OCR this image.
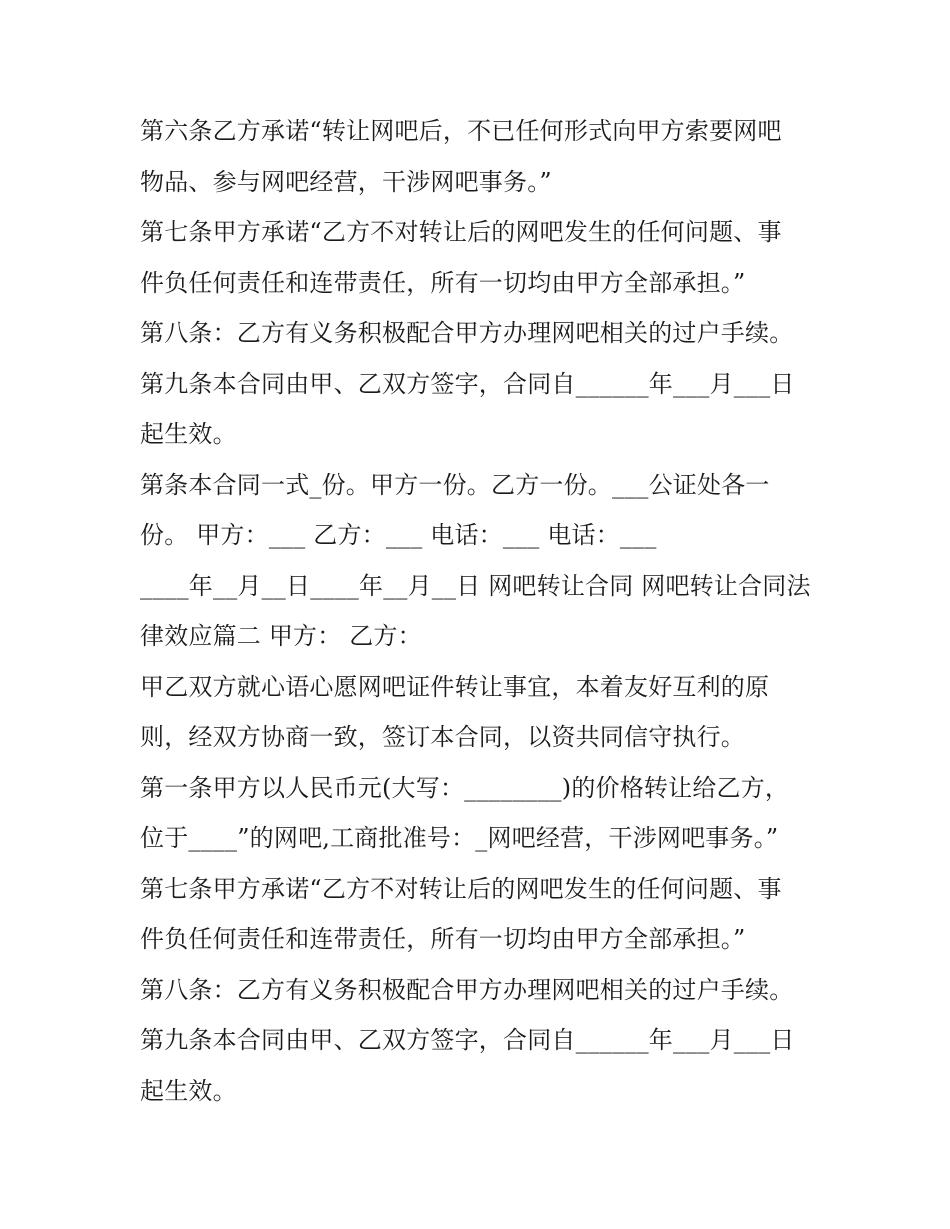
第六条乙方承诺“转让网吧后，不已任何形式向甲方索要网吧

物品、参与网吧经营，干涉网吧事务。”

第七条甲方承诺“乙方不对转让后的网吧发生的任何问题、事

件负任何责任和连带责任，所有一切均由甲方全部承担。”

第八条：乙方有义务积极配合甲方办理网吧相关的过户手续。

第九条本合同由甲、乙双方签字，合同自______年___月___日

起生效。

第条本合同一式_份。甲方一份。乙方一份。___公证处各一

份。 甲方：___ 乙方：___ 电话：___ 电话：___

____年__月__日____年__月__日 网吧转让合同 网吧转让合同法

律效应篇二 甲方： 乙方：

甲乙双方就心语心愿网吧证件转让事宜，本着友好互利的原

则，经双方协商一致，签订本合同，以资共同信守执行。

第一条甲方以人民币元(大写：________)的价格转让给乙方，

位于____”的网吧,工商批准号：_网吧经营，干涉网吧事务。”

第七条甲方承诺“乙方不对转让后的网吧发生的任何问题、事

件负任何责任和连带责任，所有一切均由甲方全部承担。”

第八条：乙方有义务积极配合甲方办理网吧相关的过户手续。

第九条本合同由甲、乙双方签字，合同自______年___月___日

起生效。
